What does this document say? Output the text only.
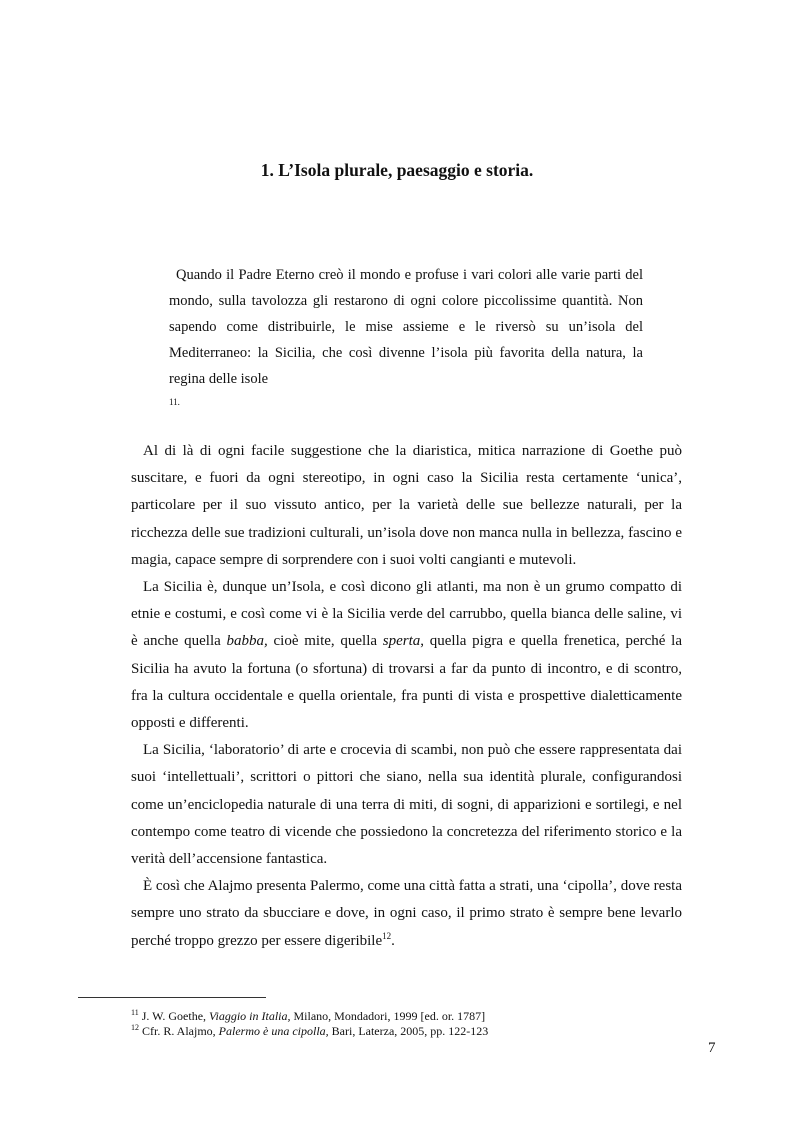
1. L’Isola plurale, paesaggio e storia.
Quando il Padre Eterno creò il mondo e profuse i vari colori alle varie parti del mondo, sulla tavolozza gli restarono di ogni colore piccolissime quantità. Non sapendo come distribuirle, le mise assieme e le riversò su un’isola del Mediterraneo: la Sicilia, che così divenne l’isola più favorita della natura, la regina delle isole
11.

Al di là di ogni facile suggestione che la diaristica, mitica narrazione di Goethe può suscitare, e fuori da ogni stereotipo, in ogni caso la Sicilia resta certamente ‘unica’, particolare per il suo vissuto antico, per la varietà delle sue bellezze naturali, per la ricchezza delle sue tradizioni culturali, un’isola dove non manca nulla in bellezza, fascino e magia, capace sempre di sorprendere con i suoi volti cangianti e mutevoli.

La Sicilia è, dunque un’Isola, e così dicono gli atlanti, ma non è un grumo compatto di etnie e costumi, e così come vi è la Sicilia verde del carrubbo, quella bianca delle saline, vi è anche quella babba, cioè mite, quella sperta, quella pigra e quella frenetica, perché la Sicilia ha avuto la fortuna (o sfortuna) di trovarsi a far da punto di incontro, e di scontro, fra la cultura occidentale e quella orientale, fra punti di vista e prospettive dialetticamente opposti e differenti.

La Sicilia, ‘laboratorio’ di arte e crocevia di scambi, non può che essere rappresentata dai suoi ‘intellettuali’, scrittori o pittori che siano, nella sua identità plurale, configurandosi come un’enciclopedia naturale di una terra di miti, di sogni, di apparizioni e sortilegi, e nel contempo come teatro di vicende che possiedono la concretezza del riferimento storico e la verità dell’accensione fantastica.

È così che Alajmo presenta Palermo, come una città fatta a strati, una ‘cipolla’, dove resta sempre uno strato da sbucciare e dove, in ogni caso, il primo strato è sempre bene levarlo perché troppo grezzo per essere digeribile$^{12}$.

$^{11}$ J. W. Goethe, Viaggio in Italia, Milano, Mondadori, 1999 [ed. or. 1787]
$^{12}$ Cfr. R. Alajmo, Palermo è una cipolla, Bari, Laterza, 2005, pp. 122-123
7
